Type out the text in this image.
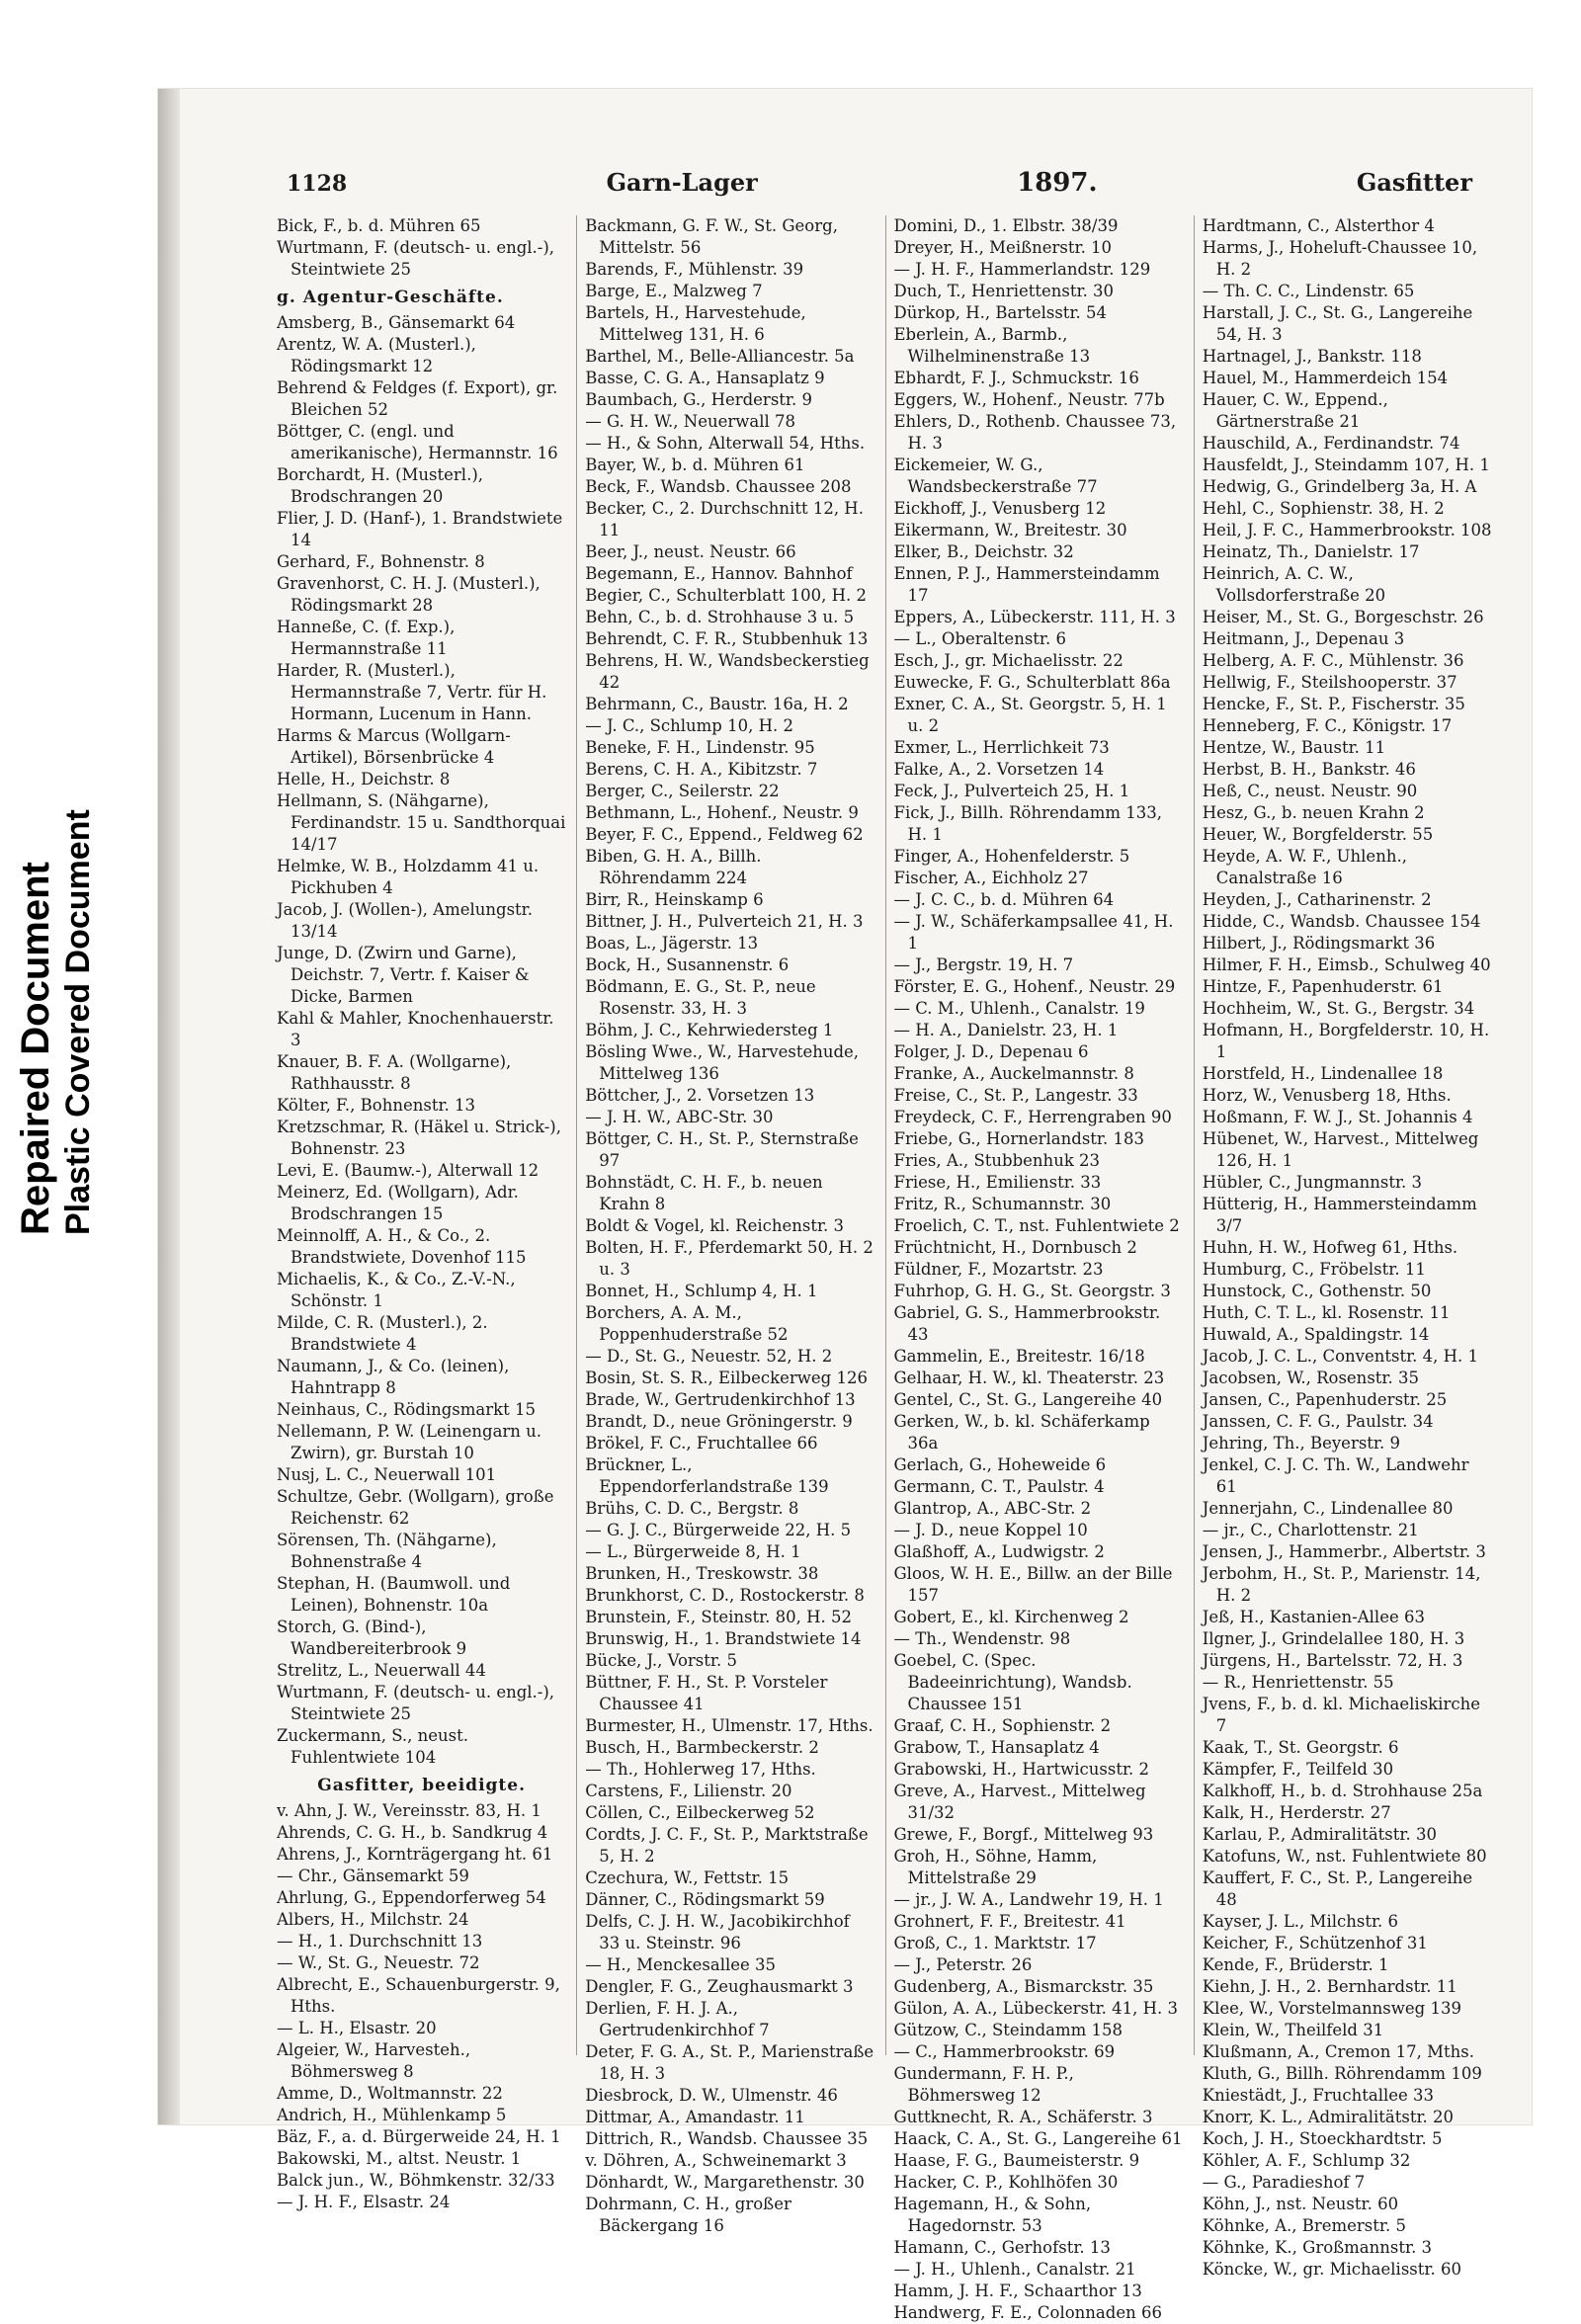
Repaired Document Plastic Covered Document
1128	Garn-Lager	1897.	Gasfitter

Bick, F., b. d. Mühren 65

Wurtmann, F. (deutsch- u. engl.-), Steintwiete 25

g. Agentur-Geschäfte.

Amsberg, B., Gänsemarkt 64

Arentz, W. A. (Musterl.), Rödingsmarkt 12

Behrend & Feldges (f. Export), gr. Bleichen 52

Böttger, C. (engl. und amerikanische), Hermannstr. 16

Borchardt, H. (Musterl.), Brodschrangen 20

Flier, J. D. (Hanf-), 1. Brandstwiete 14

Gerhard, F., Bohnenstr. 8

Gravenhorst, C. H. J. (Musterl.), Rödingsmarkt 28

Hanneße, C. (f. Exp.), Hermannstraße 11

Harder, R. (Musterl.), Hermannstraße 7, Vertr. für H. Hormann, Lucenum in Hann.

Harms & Marcus (Wollgarn-Artikel), Börsenbrücke 4

Helle, H., Deichstr. 8

Hellmann, S. (Nähgarne), Ferdinandstr. 15 u. Sandthorquai 14/17

Helmke, W. B., Holzdamm 41 u. Pickhuben 4

Jacob, J. (Wollen-), Amelungstr. 13/14

Junge, D. (Zwirn und Garne), Deichstr. 7, Vertr. f. Kaiser & Dicke, Barmen

Kahl & Mahler, Knochenhauerstr. 3

Knauer, B. F. A. (Wollgarne), Rathhausstr. 8

Költer, F., Bohnenstr. 13

Kretzschmar, R. (Häkel u. Strick-), Bohnenstr. 23

Levi, E. (Baumw.-), Alterwall 12

Meinerz, Ed. (Wollgarn), Adr. Brodschrangen 15

Meinnolff, A. H., & Co., 2. Brandstwiete, Dovenhof 115

Michaelis, K., & Co., Z.-V.-N., Schönstr. 1

Milde, C. R. (Musterl.), 2. Brandstwiete 4

Naumann, J., & Co. (leinen), Hahntrapp 8

Neinhaus, C., Rödingsmarkt 15

Nellemann, P. W. (Leinengarn u. Zwirn), gr. Burstah 10

Nusj, L. C., Neuerwall 101

Schultze, Gebr. (Wollgarn), große Reichenstr. 62

Sörensen, Th. (Nähgarne), Bohnenstraße 4

Stephan, H. (Baumwoll. und Leinen), Bohnenstr. 10a

Storch, G. (Bind-), Wandbereiterbrook 9

Strelitz, L., Neuerwall 44

Wurtmann, F. (deutsch- u. engl.-), Steintwiete 25

Zuckermann, S., neust. Fuhlentwiete 104

Gasfitter, beeidigte.

v. Ahn, J. W., Vereinsstr. 83, H. 1

Ahrends, C. G. H., b. Sandkrug 4

Ahrens, J., Kornträgergang ht. 61

— Chr., Gänsemarkt 59

Ahrlung, G., Eppendorferweg 54

Albers, H., Milchstr. 24

— H., 1. Durchschnitt 13

— W., St. G., Neuestr. 72

Albrecht, E., Schauenburgerstr. 9, Hths.

— L. H., Elsastr. 20

Algeier, W., Harvesteh., Böhmersweg 8

Amme, D., Woltmannstr. 22

Andrich, H., Mühlenkamp 5

Bäz, F., a. d. Bürgerweide 24, H. 1

Bakowski, M., altst. Neustr. 1

Balck jun., W., Böhmkenstr. 32/33

— J. H. F., Elsastr. 24

Backmann, G. F. W., St. Georg, Mittelstr. 56

Barends, F., Mühlenstr. 39

Barge, E., Malzweg 7

Bartels, H., Harvestehude, Mittelweg 131, H. 6

Barthel, M., Belle-Alliancestr. 5a

Basse, C. G. A., Hansaplatz 9

Baumbach, G., Herderstr. 9

— G. H. W., Neuerwall 78

— H., & Sohn, Alterwall 54, Hths.

Bayer, W., b. d. Mühren 61

Beck, F., Wandsb. Chaussee 208

Becker, C., 2. Durchschnitt 12, H. 11

Beer, J., neust. Neustr. 66

Begemann, E., Hannov. Bahnhof

Begier, C., Schulterblatt 100, H. 2

Behn, C., b. d. Strohhause 3 u. 5

Behrendt, C. F. R., Stubbenhuk 13

Behrens, H. W., Wandsbeckerstieg 42

Behrmann, C., Baustr. 16a, H. 2

— J. C., Schlump 10, H. 2

Beneke, F. H., Lindenstr. 95

Berens, C. H. A., Kibitzstr. 7

Berger, C., Seilerstr. 22

Bethmann, L., Hohenf., Neustr. 9

Beyer, F. C., Eppend., Feldweg 62

Biben, G. H. A., Billh. Röhrendamm 224

Birr, R., Heinskamp 6

Bittner, J. H., Pulverteich 21, H. 3

Boas, L., Jägerstr. 13

Bock, H., Susannenstr. 6

Bödmann, E. G., St. P., neue Rosenstr. 33, H. 3

Böhm, J. C., Kehrwiedersteg 1

Bösling Wwe., W., Harvestehude, Mittelweg 136

Böttcher, J., 2. Vorsetzen 13

— J. H. W., ABC-Str. 30

Böttger, C. H., St. P., Sternstraße 97

Bohnstädt, C. H. F., b. neuen Krahn 8

Boldt & Vogel, kl. Reichenstr. 3

Bolten, H. F., Pferdemarkt 50, H. 2 u. 3

Bonnet, H., Schlump 4, H. 1

Borchers, A. A. M., Poppenhuderstraße 52

— D., St. G., Neuestr. 52, H. 2

Bosin, St. S. R., Eilbeckerweg 126

Brade, W., Gertrudenkirchhof 13

Brandt, D., neue Gröningerstr. 9

Brökel, F. C., Fruchtallee 66

Brückner, L., Eppendorferlandstraße 139

Brühs, C. D. C., Bergstr. 8

— G. J. C., Bürgerweide 22, H. 5

— L., Bürgerweide 8, H. 1

Brunken, H., Treskowstr. 38

Brunkhorst, C. D., Rostockerstr. 8

Brunstein, F., Steinstr. 80, H. 52

Brunswig, H., 1. Brandstwiete 14

Bücke, J., Vorstr. 5

Büttner, F. H., St. P. Vorsteler Chaussee 41

Burmester, H., Ulmenstr. 17, Hths.

Busch, H., Barmbeckerstr. 2

— Th., Hohlerweg 17, Hths.

Carstens, F., Lilienstr. 20

Cöllen, C., Eilbeckerweg 52

Cordts, J. C. F., St. P., Marktstraße 5, H. 2

Czechura, W., Fettstr. 15

Dänner, C., Rödingsmarkt 59

Delfs, C. J. H. W., Jacobikirchhof 33 u. Steinstr. 96

— H., Menckesallee 35

Dengler, F. G., Zeughausmarkt 3

Derlien, F. H. J. A., Gertrudenkirchhof 7

Deter, F. G. A., St. P., Marienstraße 18, H. 3

Diesbrock, D. W., Ulmenstr. 46

Dittmar, A., Amandastr. 11

Dittrich, R., Wandsb. Chaussee 35

v. Döhren, A., Schweinemarkt 3

Dönhardt, W., Margarethenstr. 30

Dohrmann, C. H., großer Bäckergang 16

Domini, D., 1. Elbstr. 38/39

Dreyer, H., Meißnerstr. 10

— J. H. F., Hammerlandstr. 129

Duch, T., Henriettenstr. 30

Dürkop, H., Bartelsstr. 54

Eberlein, A., Barmb., Wilhelminenstraße 13

Ebhardt, F. J., Schmuckstr. 16

Eggers, W., Hohenf., Neustr. 77b

Ehlers, D., Rothenb. Chaussee 73, H. 3

Eickemeier, W. G., Wandsbeckerstraße 77

Eickhoff, J., Venusberg 12

Eikermann, W., Breitestr. 30

Elker, B., Deichstr. 32

Ennen, P. J., Hammersteindamm 17

Eppers, A., Lübeckerstr. 111, H. 3

— L., Oberaltenstr. 6

Esch, J., gr. Michaelisstr. 22

Euwecke, F. G., Schulterblatt 86a

Exner, C. A., St. Georgstr. 5, H. 1 u. 2

Exmer, L., Herrlichkeit 73

Falke, A., 2. Vorsetzen 14

Feck, J., Pulverteich 25, H. 1

Fick, J., Billh. Röhrendamm 133, H. 1

Finger, A., Hohenfelderstr. 5

Fischer, A., Eichholz 27

— J. C. C., b. d. Mühren 64

— J. W., Schäferkampsallee 41, H. 1

— J., Bergstr. 19, H. 7

Förster, E. G., Hohenf., Neustr. 29

— C. M., Uhlenh., Canalstr. 19

— H. A., Danielstr. 23, H. 1

Folger, J. D., Depenau 6

Franke, A., Auckelmannstr. 8

Freise, C., St. P., Langestr. 33

Freydeck, C. F., Herrengraben 90

Friebe, G., Hornerlandstr. 183

Fries, A., Stubbenhuk 23

Friese, H., Emilienstr. 33

Fritz, R., Schumannstr. 30

Froelich, C. T., nst. Fuhlentwiete 2

Früchtnicht, H., Dornbusch 2

Füldner, F., Mozartstr. 23

Fuhrhop, G. H. G., St. Georgstr. 3

Gabriel, G. S., Hammerbrookstr. 43

Gammelin, E., Breitestr. 16/18

Gelhaar, H. W., kl. Theaterstr. 23

Gentel, C., St. G., Langereihe 40

Gerken, W., b. kl. Schäferkamp 36a

Gerlach, G., Hoheweide 6

Germann, C. T., Paulstr. 4

Glantrop, A., ABC-Str. 2

— J. D., neue Koppel 10

Glaßhoff, A., Ludwigstr. 2

Gloos, W. H. E., Billw. an der Bille 157

Gobert, E., kl. Kirchenweg 2

— Th., Wendenstr. 98

Goebel, C. (Spec. Badeeinrichtung), Wandsb. Chaussee 151

Graaf, C. H., Sophienstr. 2

Grabow, T., Hansaplatz 4

Grabowski, H., Hartwicusstr. 2

Greve, A., Harvest., Mittelweg 31/32

Grewe, F., Borgf., Mittelweg 93

Groh, H., Söhne, Hamm, Mittelstraße 29

— jr., J. W. A., Landwehr 19, H. 1

Grohnert, F. F., Breitestr. 41

Groß, C., 1. Marktstr. 17

— J., Peterstr. 26

Gudenberg, A., Bismarckstr. 35

Gülon, A. A., Lübeckerstr. 41, H. 3

Gützow, C., Steindamm 158

— C., Hammerbrookstr. 69

Gundermann, F. H. P., Böhmersweg 12

Guttknecht, R. A., Schäferstr. 3

Haack, C. A., St. G., Langereihe 61

Haase, F. G., Baumeisterstr. 9

Hacker, C. P., Kohlhöfen 30

Hagemann, H., & Sohn, Hagedornstr. 53

Hamann, C., Gerhofstr. 13

— J. H., Uhlenh., Canalstr. 21

Hamm, J. H. F., Schaarthor 13

Handwerg, F. E., Colonnaden 66

Hardtmann, C., Alsterthor 4

Harms, J., Hoheluft-Chaussee 10, H. 2

— Th. C. C., Lindenstr. 65

Harstall, J. C., St. G., Langereihe 54, H. 3

Hartnagel, J., Bankstr. 118

Hauel, M., Hammerdeich 154

Hauer, C. W., Eppend., Gärtnerstraße 21

Hauschild, A., Ferdinandstr. 74

Hausfeldt, J., Steindamm 107, H. 1

Hedwig, G., Grindelberg 3a, H. A

Hehl, C., Sophienstr. 38, H. 2

Heil, J. F. C., Hammerbrookstr. 108

Heinatz, Th., Danielstr. 17

Heinrich, A. C. W., Vollsdorferstraße 20

Heiser, M., St. G., Borgeschstr. 26

Heitmann, J., Depenau 3

Helberg, A. F. C., Mühlenstr. 36

Hellwig, F., Steilshooperstr. 37

Hencke, F., St. P., Fischerstr. 35

Henneberg, F. C., Königstr. 17

Hentze, W., Baustr. 11

Herbst, B. H., Bankstr. 46

Heß, C., neust. Neustr. 90

Hesz, G., b. neuen Krahn 2

Heuer, W., Borgfelderstr. 55

Heyde, A. W. F., Uhlenh., Canalstraße 16

Heyden, J., Catharinenstr. 2

Hidde, C., Wandsb. Chaussee 154

Hilbert, J., Rödingsmarkt 36

Hilmer, F. H., Eimsb., Schulweg 40

Hintze, F., Papenhuderstr. 61

Hochheim, W., St. G., Bergstr. 34

Hofmann, H., Borgfelderstr. 10, H. 1

Horstfeld, H., Lindenallee 18

Horz, W., Venusberg 18, Hths.

Hoßmann, F. W. J., St. Johannis 4

Hübenet, W., Harvest., Mittelweg 126, H. 1

Hübler, C., Jungmannstr. 3

Hütterig, H., Hammersteindamm 3/7

Huhn, H. W., Hofweg 61, Hths.

Humburg, C., Fröbelstr. 11

Hunstock, C., Gothenstr. 50

Huth, C. T. L., kl. Rosenstr. 11

Huwald, A., Spaldingstr. 14

Jacob, J. C. L., Conventstr. 4, H. 1

Jacobsen, W., Rosenstr. 35

Jansen, C., Papenhuderstr. 25

Janssen, C. F. G., Paulstr. 34

Jehring, Th., Beyerstr. 9

Jenkel, C. J. C. Th. W., Landwehr 61

Jennerjahn, C., Lindenallee 80

— jr., C., Charlottenstr. 21

Jensen, J., Hammerbr., Albertstr. 3

Jerbohm, H., St. P., Marienstr. 14, H. 2

Jeß, H., Kastanien-Allee 63

Ilgner, J., Grindelallee 180, H. 3

Jürgens, H., Bartelsstr. 72, H. 3

— R., Henriettenstr. 55

Jvens, F., b. d. kl. Michaeliskirche 7

Kaak, T., St. Georgstr. 6

Kämpfer, F., Teilfeld 30

Kalkhoff, H., b. d. Strohhause 25a

Kalk, H., Herderstr. 27

Karlau, P., Admiralitätstr. 30

Katofuns, W., nst. Fuhlentwiete 80

Kauffert, F. C., St. P., Langereihe 48

Kayser, J. L., Milchstr. 6

Keicher, F., Schützenhof 31

Kende, F., Brüderstr. 1

Kiehn, J. H., 2. Bernhardstr. 11

Klee, W., Vorstelmannsweg 139

Klein, W., Theilfeld 31

Klußmann, A., Cremon 17, Mths.

Kluth, G., Billh. Röhrendamm 109

Kniestädt, J., Fruchtallee 33

Knorr, K. L., Admiralitätstr. 20

Koch, J. H., Stoeckhardtstr. 5

Köhler, A. F., Schlump 32

— G., Paradieshof 7

Köhn, J., nst. Neustr. 60

Köhnke, A., Bremerstr. 5

Köhnke, K., Großmannstr. 3

Köncke, W., gr. Michaelisstr. 60
